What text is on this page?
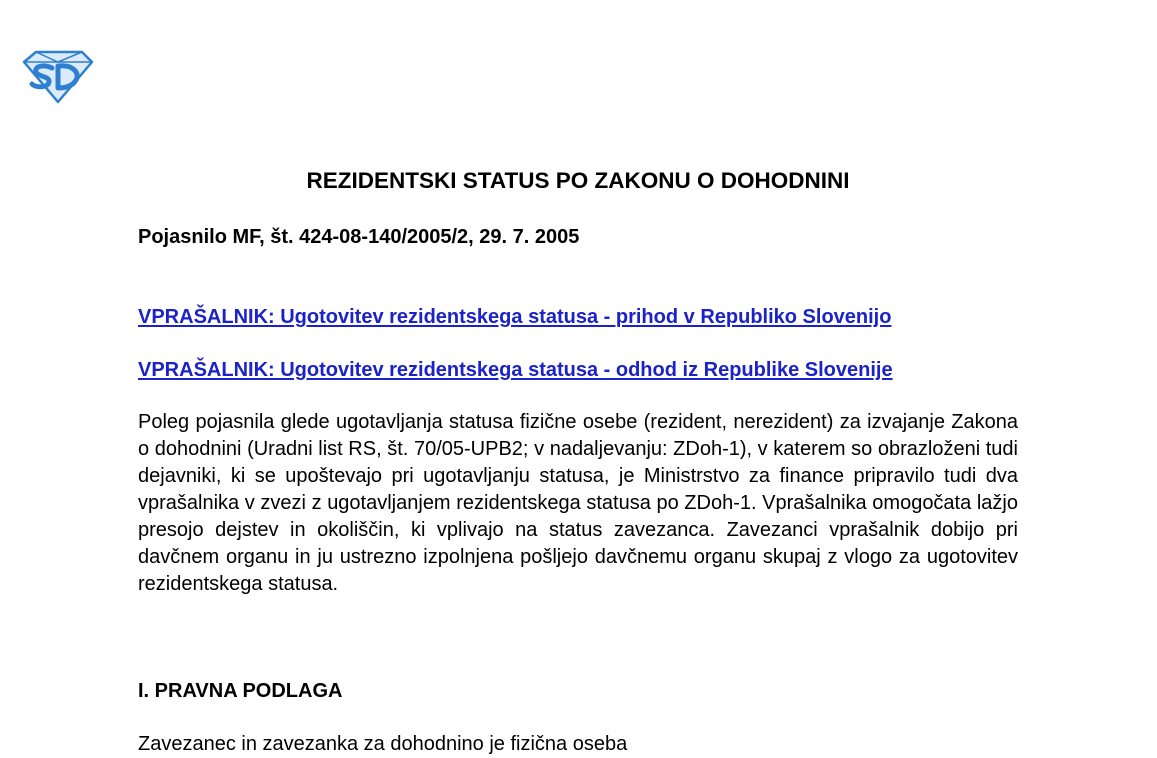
REZIDENTSKI STATUS PO ZAKONU O DOHODNINI

Pojasnilo MF, št. 424-08-140/2005/2, 29. 7. 2005

VPRAŠALNIK: Ugotovitev rezidentskega statusa - prihod v Republiko Slovenijo
VPRAŠALNIK: Ugotovitev rezidentskega statusa - odhod iz Republike Slovenije

Poleg pojasnila glede ugotavljanja statusa fizične osebe (rezident, nerezident) za izvajanje Zakona o dohodnini (Uradni list RS, št. 70/05-UPB2; v nadaljevanju: ZDoh-1), v katerem so obrazloženi tudi dejavniki, ki se upoštevajo pri ugotavljanju statusa, je Ministrstvo za finance pripravilo tudi dva vprašalnika v zvezi z ugotavljanjem rezidentskega statusa po ZDoh-1. Vprašalnika omogočata lažjo presojo dejstev in okoliščin, ki vplivajo na status zavezanca. Zavezanci vprašalnik dobijo pri davčnem organu in ju ustrezno izpolnjena pošljejo davčnemu organu skupaj z vlogo za ugotovitev rezidentskega statusa.

I. PRAVNA PODLAGA

Zavezanec in zavezanka za dohodnino je fizična oseba
